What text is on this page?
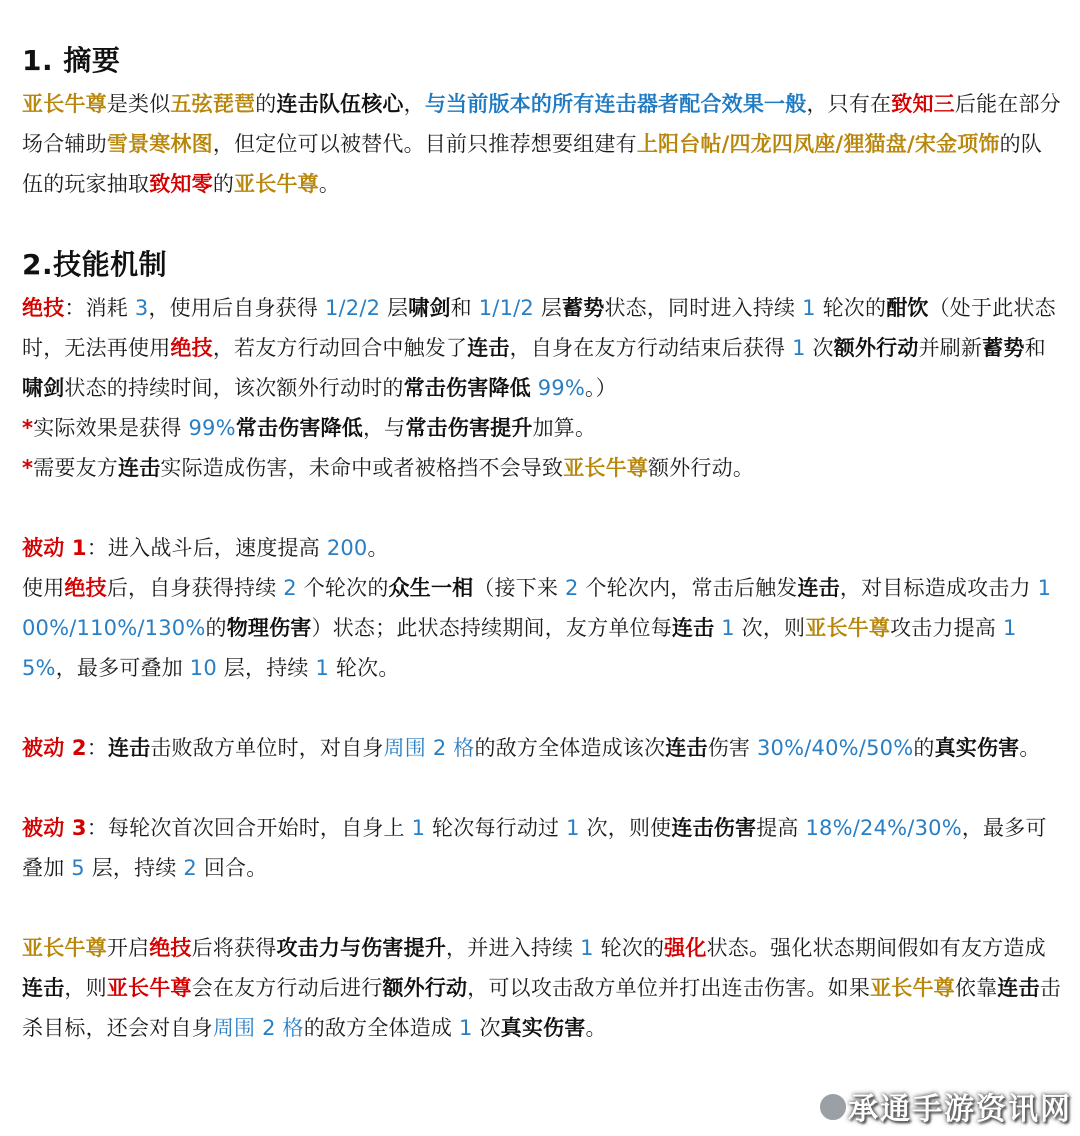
1. 摘要

亚长牛尊是类似五弦琵琶的连击队伍核心，与当前版本的所有连击器者配合效果一般，只有在致知三后能在部分场合辅助雪景寒林图，但定位可以被替代。目前只推荐想要组建有上阳台帖/四龙四凤座/狸猫盘/宋金项饰的队伍的玩家抽取致知零的亚长牛尊。

2.技能机制

绝技：消耗 3，使用后自身获得 1/2/2 层啸剑和 1/1/2 层蓄势状态，同时进入持续 1 轮次的酣饮（处于此状态时，无法再使用绝技，若友方行动回合中触发了连击，自身在友方行动结束后获得 1 次额外行动并刷新蓄势和啸剑状态的持续时间，该次额外行动时的常击伤害降低 99%。）

*实际效果是获得 99%常击伤害降低，与常击伤害提升加算。

*需要友方连击实际造成伤害，未命中或者被格挡不会导致亚长牛尊额外行动。

被动 1：进入战斗后，速度提高 200。

使用绝技后，自身获得持续 2 个轮次的众生一相（接下来 2 个轮次内，常击后触发连击，对目标造成攻击力 100%/110%/130%的物理伤害）状态；此状态持续期间，友方单位每连击 1 次，则亚长牛尊攻击力提高 15%，最多可叠加 10 层，持续 1 轮次。

被动 2：连击击败敌方单位时，对自身周围 2 格的敌方全体造成该次连击伤害 30%/40%/50%的真实伤害。

被动 3：每轮次首次回合开始时，自身上 1 轮次每行动过 1 次，则使连击伤害提高 18%/24%/30%，最多可叠加 5 层，持续 2 回合。

亚长牛尊开启绝技后将获得攻击力与伤害提升，并进入持续 1 轮次的强化状态。强化状态期间假如有友方造成连击，则亚长牛尊会在友方行动后进行额外行动，可以攻击敌方单位并打出连击伤害。如果亚长牛尊依靠连击击杀目标，还会对自身周围 2 格的敌方全体造成 1 次真实伤害。

承通手游资讯网
